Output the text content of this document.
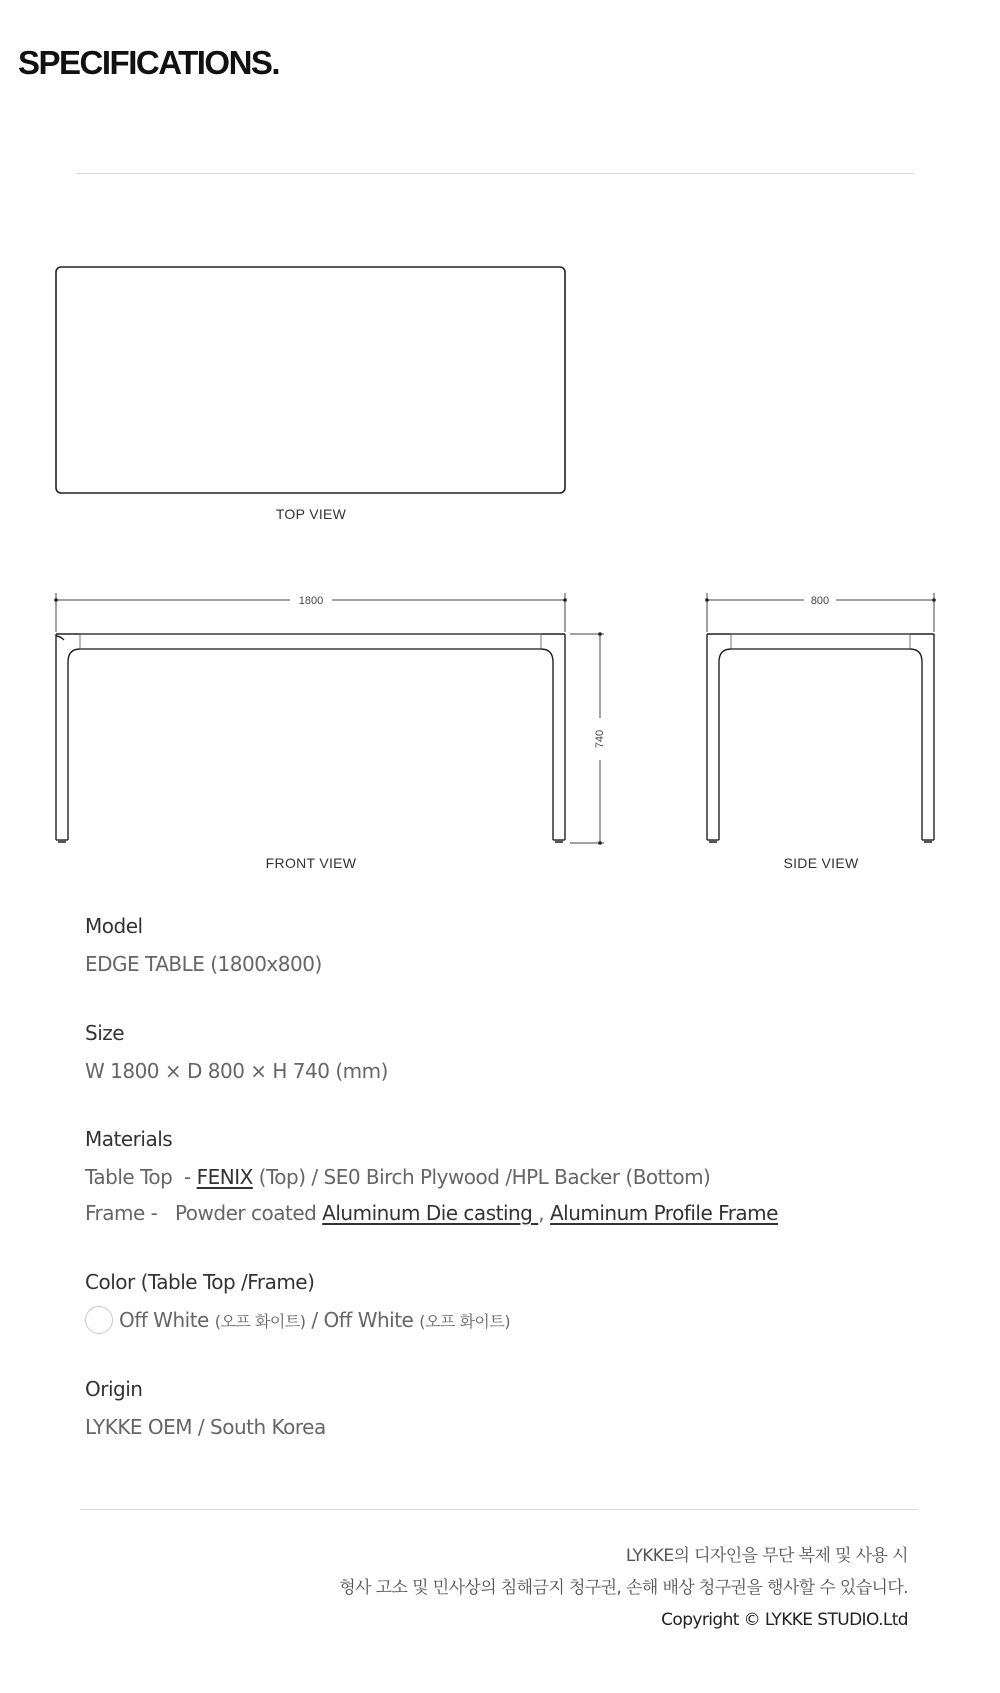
SPECIFICATIONS.
1800
740
800
TOP VIEW
FRONT VIEW	SIDE VIEW
Model
EDGE TABLE (1800x800)
Size
W 1800 × D 800 × H 740 (mm)
Materials
Table Top  - FENIX (Top) / SE0 Birch Plywood /HPL Backer (Bottom)
Frame -   Powder coated Aluminum Die casting , Aluminum Profile Frame
Color (Table Top /Frame)
Off White (오프 화이트) / Off White (오프 화이트)
Origin
LYKKE OEM / South Korea
LYKKE의 디자인을 무단 복제 및 사용 시
형사 고소 및 민사상의 침해금지 청구권, 손해 배상 청구권을 행사할 수 있습니다.
Copyright © LYKKE STUDIO.Ltd
